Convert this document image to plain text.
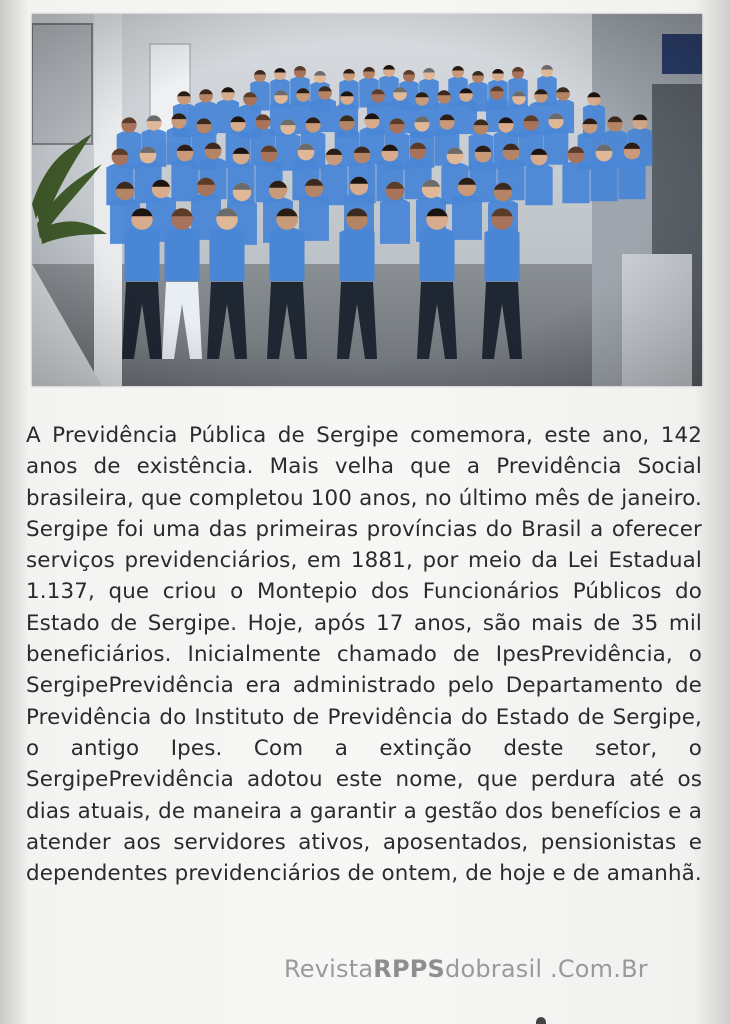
A Previdência Pública de Sergipe comemora, este ano, 142 anos de existência. Mais velha que a Previdência Social brasileira, que completou 100 anos, no último mês de janeiro. Sergipe foi uma das primeiras províncias do Brasil a oferecer serviços previdenciários, em 1881, por meio da Lei Estadual 1.137, que criou o Montepio dos Funcionários Públicos do Estado de Sergipe. Hoje, após 17 anos, são mais de 35 mil beneficiários. Inicialmente chamado de IpesPrevidência, o SergipePrevidência era administrado pelo Departamento de Previdência do Instituto de Previdência do Estado de Sergipe, o antigo Ipes. Com a extinção deste setor, o SergipePrevidência adotou este nome, que perdura até os dias atuais, de maneira a garantir a gestão dos benefícios e a atender aos servidores ativos, aposentados, pensionistas e dependentes previdenciários de ontem, de hoje e de amanhã.

RevistaRPPSdobrasil .Com.Br
